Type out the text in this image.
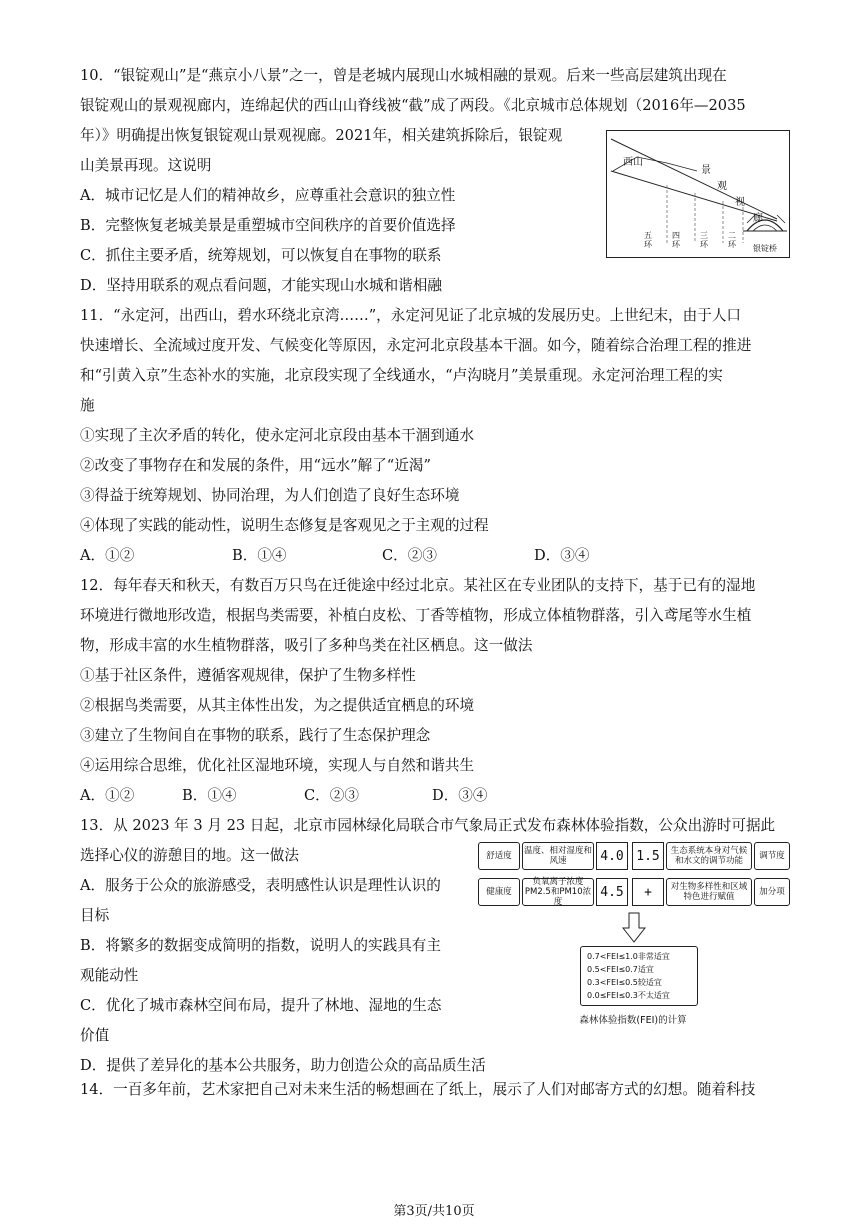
10．“银锭观山”是“燕京小八景”之一，曾是老城内展现山水城相融的景观。后来一些高层建筑出现在
银锭观山的景观视廊内，连绵起伏的西山山脊线被“截”成了两段。《北京城市总体规划（2016年—2035
年）》明确提出恢复银锭观山景观视廊。2021年，相关建筑拆除后，银锭观
山美景再现。这说明
A．城市记忆是人们的精神故乡，应尊重社会意识的独立性
B．完整恢复老城美景是重塑城市空间秩序的首要价值选择
C．抓住主要矛盾，统筹规划，可以恢复自在事物的联系
D．坚持用联系的观点看问题，才能实现山水城和谐相融
西山
景
观
视
廊
五
环
四
环
三
环
二
环 银锭桥
11．“永定河，出西山，碧水环绕北京湾……”，永定河见证了北京城的发展历史。上世纪末，由于人口
快速增长、全流域过度开发、气候变化等原因，永定河北京段基本干涸。如今，随着综合治理工程的推进
和“引黄入京”生态补水的实施，北京段实现了全线通水，“卢沟晓月”美景重现。永定河治理工程的实
施
①实现了主次矛盾的转化，使永定河北京段由基本干涸到通水
②改变了事物存在和发展的条件，用“远水”解了“近渴”
③得益于统筹规划、协同治理，为人们创造了良好生态环境
④体现了实践的能动性，说明生态修复是客观见之于主观的过程
A．①②	B．①④	C．②③	D．③④
12．每年春天和秋天，有数百万只鸟在迁徙途中经过北京。某社区在专业团队的支持下，基于已有的湿地
环境进行微地形改造，根据鸟类需要，补植白皮松、丁香等植物，形成立体植物群落，引入鸢尾等水生植
物，形成丰富的水生植物群落，吸引了多种鸟类在社区栖息。这一做法
①基于社区条件，遵循客观规律，保护了生物多样性
②根据鸟类需要，从其主体性出发，为之提供适宜栖息的环境
③建立了生物间自在事物的联系，践行了生态保护理念
④运用综合思维，优化社区湿地环境，实现人与自然和谐共生
A．①②	B．①④	C．②③	D．③④
13．从 2023 年 3 月 23 日起，北京市园林绿化局联合市气象局正式发布森林体验指数，公众出游时可据此
选择心仪的游憩目的地。这一做法
A．服务于公众的旅游感受，表明感性认识是理性认识的
目标
B．将繁多的数据变成简明的指数，说明人的实践具有主
观能动性
C．优化了城市森林空间布局，提升了林地、湿地的生态
价值
D．提供了差异化的基本公共服务，助力创造公众的高品质生活
舒适度	温度、相对湿度和风速	4.0 1.5	生态系统本身对气候和水文的调节功能	调节度
健康度
负氧离子浓度PM2.5和PM10浓度
4.5	+	对生物多样性和区域特色进行赋值	加分项
0.7<FEI≤1.0非常适宜
0.5<FEI≤0.7适宜
0.3<FEI≤0.5较适宜
0.0≤FEI≤0.3不太适宜
森林体验指数(FEI)的计算
14．一百多年前，艺术家把自己对未来生活的畅想画在了纸上，展示了人们对邮寄方式的幻想。随着科技
第3页/共10页
